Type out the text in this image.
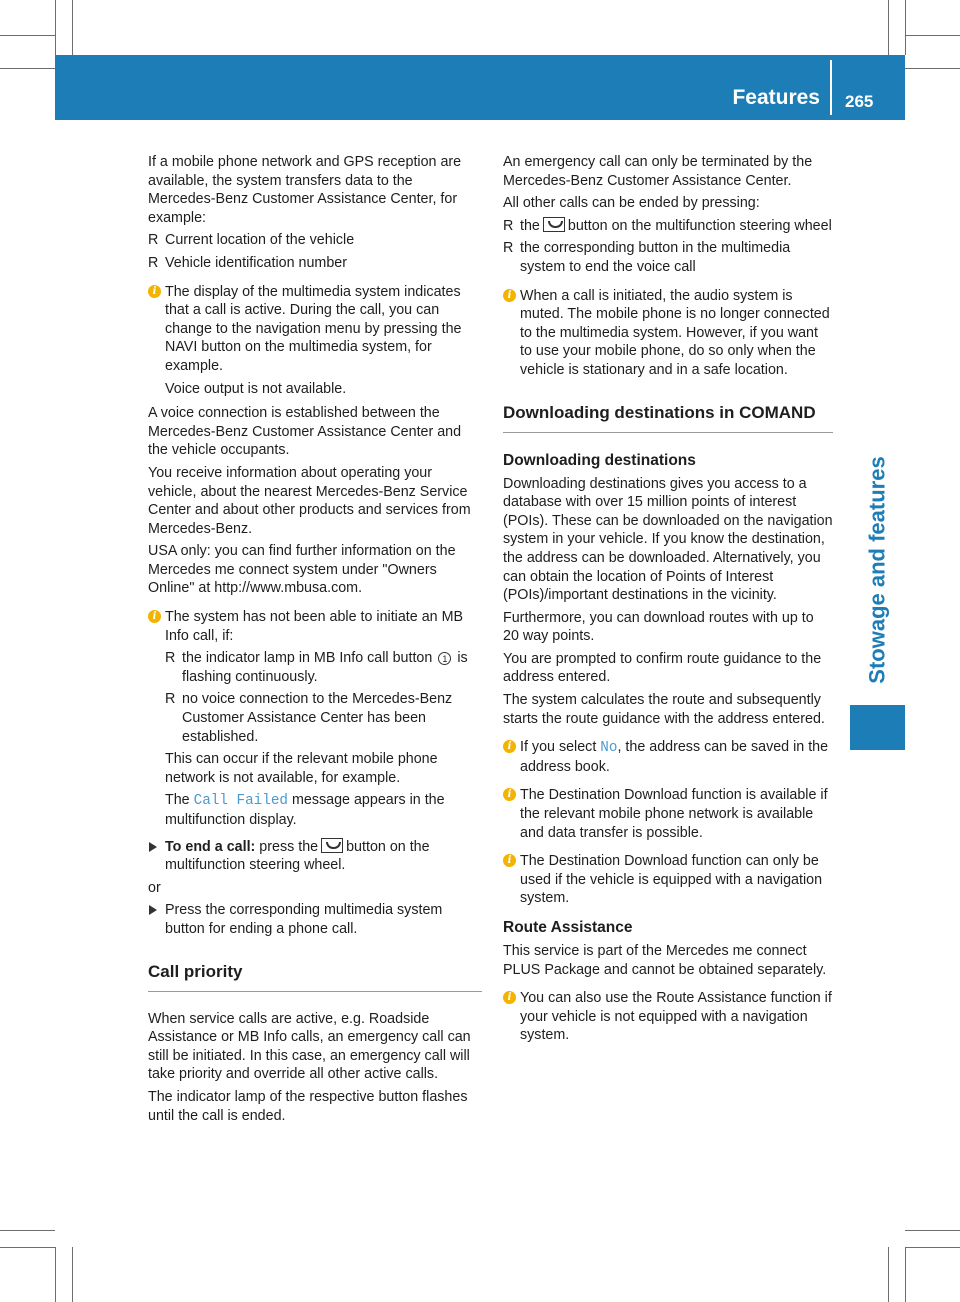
Features 265
Stowage and features

If a mobile phone network and GPS reception are available, the system transfers data to the Mercedes-Benz Customer Assistance Center, for example:

R Current location of the vehicle
R Vehicle identification number
i The display of the multimedia system indicates that a call is active. During the call, you can change to the navigation menu by pressing the NAVI button on the multimedia system, for example.

Voice output is not available.

A voice connection is established between the Mercedes-Benz Customer Assistance Center and the vehicle occupants.

You receive information about operating your vehicle, about the nearest Mercedes-Benz Service Center and about other products and services from Mercedes-Benz.

USA only: you can find further information on the Mercedes me connect system under "Owners Online" at http://www.mbusa.com.

i The system has not been able to initiate an MB Info call, if:

R the indicator lamp in MB Info call button 1 is flashing continuously.
R no voice connection to the Mercedes-Benz Customer Assistance Center has been established.

This can occur if the relevant mobile phone network is not available, for example.

The Call Failed message appears in the multifunction display.

To end a call: press the button on the multifunction steering wheel.

or

Press the corresponding multimedia system button for ending a phone call.
Call priority

When service calls are active, e.g. Roadside Assistance or MB Info calls, an emergency call can still be initiated. In this case, an emergency call will take priority and override all other active calls.

The indicator lamp of the respective button flashes until the call is ended.

An emergency call can only be terminated by the Mercedes-Benz Customer Assistance Center.

All other calls can be ended by pressing:

R the button on the multifunction steering wheel
R the corresponding button in the multimedia system to end the voice call
i When a call is initiated, the audio system is muted. The mobile phone is no longer connected to the multimedia system. However, if you want to use your mobile phone, do so only when the vehicle is stationary and in a safe location.

Downloading destinations in COMAND
Downloading destinations

Downloading destinations gives you access to a database with over 15 million points of interest (POIs). These can be downloaded on the navigation system in your vehicle. If you know the destination, the address can be downloaded. Alternatively, you can obtain the location of Points of Interest (POIs)/important destinations in the vicinity.

Furthermore, you can download routes with up to 20 way points.

You are prompted to confirm route guidance to the address entered.

The system calculates the route and subsequently starts the route guidance with the address entered.

i If you select No, the address can be saved in the address book.

i The Destination Download function is available if the relevant mobile phone network is available and data transfer is possible.

i The Destination Download function can only be used if the vehicle is equipped with a navigation system.

Route Assistance

This service is part of the Mercedes me connect PLUS Package and cannot be obtained separately.

i You can also use the Route Assistance function if your vehicle is not equipped with a navigation system.
